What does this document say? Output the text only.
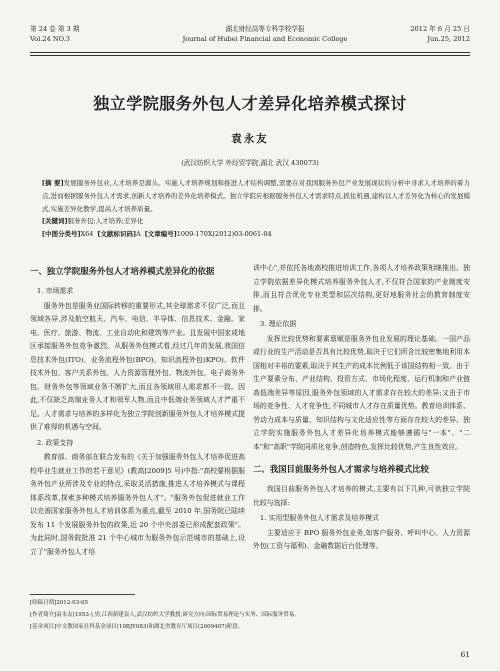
第 24 卷 第 3 期
Vol.24 NO.3
湖北财经高等专科学校学报
Journal of Hubei Financial and Economic College
2012 年 6 月 25 日
Jun.25, 2012
独立学院服务外包人才差异化培养模式探讨
袁永友
(武汉纺织大学 外经贸学院,湖北 武汉 430073)
[摘 要]发展服务外包业,人才培养是源头。实施人才培养规划和推进人才结构调整,需要在对我国服务外包产业发展现状的分析中寻求人才培养的着力点,进而根据服务外包人才需求,创新人才培养的差异化培养模式。独立学院应根据服务外包人才需求特点,抓住机遇,建构以人才差异化为核心的发展模式,实施差异化教学,提高人才培养质量。
[关键词]服务外包;人才培养;差异化
[中图分类号]X64 [文献标识码]A [文章编号]1009-170X(2012)03-0061-04
一、独立学院服务外包人才培养模式差异化的依据
1. 市场需求

服务外包是服务业国际转移的重要形式,其全球需求不仅广泛,而且领域各异,涉及航空航天、汽车、电信、半导体、信息技术、金融、家电、医疗、旅游、物流、工业自动化和建筑等产业。且发展中国家或地区承接服务外包竞争激烈。从服务外包模式看,经过几年的发展,我国信息技术外包(ITO)、业务流程外包(BPO)、知识流程外包(KPO)、软件技术外包、客户关系外包、人力资源管理外包、物流外包、电子商务外包、财务外包等领域业务不断扩大,而且各领域用人需求都不一致。因此,不仅缺乏高端业务人才和领军人物,而且中低端业务领域人才严重不足。人才需求与培养的多样化为独立学院创新服务外包人才培养模式提供了难得的机遇与空间。

2. 政策支持

教育部、商务部在联合发布的《关于加强服务外包人才培养促进高校毕业生就业工作的若干意见》(教高[2009]5 号)中指:"高校要根据服务外包产业所涉及专业的特点,采取灵活措施,推进人才培养模式与课程体系改革,探索多种模式培养服务外包人才"。"服务外包促进就业工作以完善国家服务外包人才培训体系为重点,截至 2010 年,国务院已陆续发布 11 个发展服务外包的政策,近 20 个中央部委已形成配套政策"。为此同时,国务院批准 21 个中心城市为服务外包示范城市的基础上,设立了"服务外包人才培

训中心",并依托各地高校推进培训工作,各项人才培养政策相继推出。独立学院依据差异化模式培养服务外包人才,不仅符合国家的产业制度安排,而且符合优化专业类型和层次结构,更好地服务社会的教育制度安排。

3. 理论依据

发挥比较优势和要素禀赋是服务外包业发展的理论基础。一国产品或行业的生产活动是否具有比较优势,取决于它们所含比较密集地利用本国相对丰裕的要素,取决于其生产的成本比例低于该国结构相一致。由于生产要素分布、产业结构、投资方式、市场化程度、运行机制和产业链高低端差异等原因,服务外包领域的人才需求存在较大的差异;又由于市场的竞争性、人才竞争性,不同城市人才存在质量优势。教育培训体系、劳动力成本与质量、知识结构与文化适应性等方面存在较大的差异。独立学院实施服务外包人才差异化培养模式能够遵循与"一本"、"二本"和"高职"学院同质化竞争,创造特色,发挥比较优势,产生良性效应。

二、我国目前服务外包人才需求与培养模式比较

我国目前服务外包人才培养的模式,主要有以下几种,可供独立学院比较与选择:

1. 实用型服务外包人才需求及培养模式

主要适应于 BPO 服务外包业务,如客户服务、呼叫中心、人力资源外包(工资与福利)、金融数据后台处理等。

[收稿日期]2012-03-05
[作者简介]袁永友(1953-),男,江西新建县人,武汉纺织大学教授,研究方向:国际贸易理论与实务、国际服务贸易。
[基金项目]中文教国家社科基金项目(10BJY083)和湖北省教育厅项目(2009407)阶段。
61
